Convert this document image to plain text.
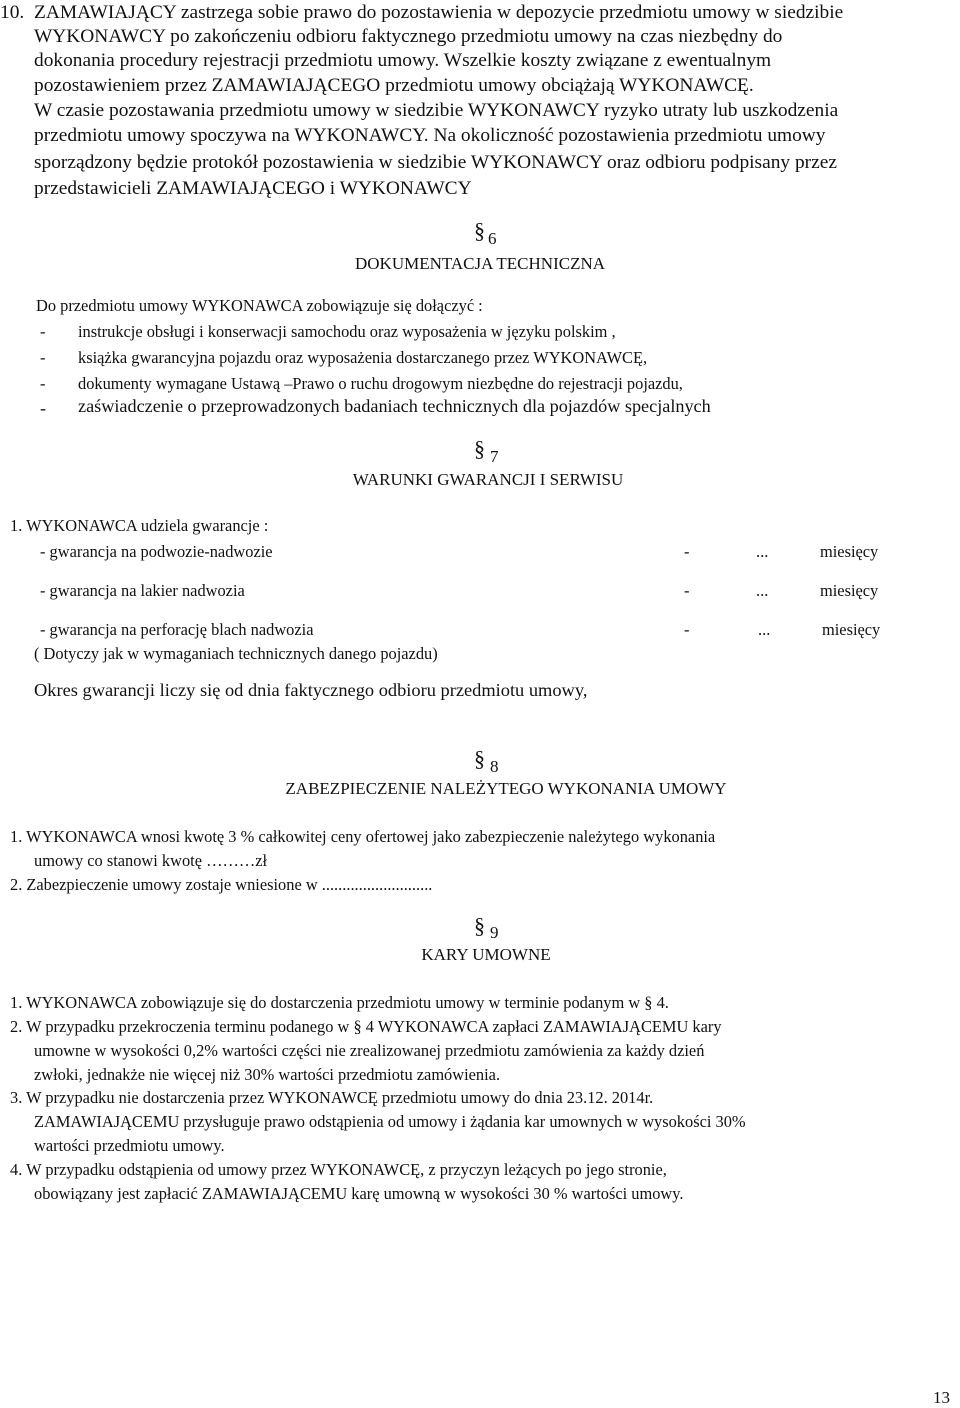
10. ZAMAWIAJĄCY zastrzega sobie prawo do pozostawienia w depozycie przedmiotu umowy w siedzibie
WYKONAWCY po zakończeniu odbioru faktycznego przedmiotu umowy na czas niezbędny do
dokonania procedury rejestracji przedmiotu umowy. Wszelkie koszty związane z ewentualnym
pozostawieniem przez ZAMAWIAJĄCEGO przedmiotu umowy obciążają WYKONAWCĘ.
W czasie pozostawania przedmiotu umowy w siedzibie WYKONAWCY ryzyko utraty lub uszkodzenia
przedmiotu umowy spoczywa na WYKONAWCY. Na okoliczność pozostawienia przedmiotu umowy
sporządzony będzie protokół pozostawienia w siedzibie WYKONAWCY oraz odbioru podpisany przez
przedstawicieli ZAMAWIAJĄCEGO i WYKONAWCY
§ 6
DOKUMENTACJA TECHNICZNA
Do przedmiotu umowy WYKONAWCA zobowiązuje się dołączyć :
- instrukcje obsługi i konserwacji samochodu oraz wyposażenia w języku polskim ,
- książka gwarancyjna pojazdu oraz wyposażenia dostarczanego przez WYKONAWCĘ,
- dokumenty wymagane Ustawą –Prawo o ruchu drogowym niezbędne do rejestracji pojazdu,
- zaświadczenie o przeprowadzonych badaniach technicznych dla pojazdów specjalnych
§ 7
WARUNKI GWARANCJI I SERWISU
1. WYKONAWCA udziela gwarancje :
- gwarancja na podwozie-nadwozie	-	...	miesięcy
- gwarancja na lakier nadwozia	-	...	miesięcy
- gwarancja na perforację blach nadwozia	-	...	miesięcy
( Dotyczy jak w wymaganiach technicznych danego pojazdu)
Okres gwarancji liczy się od dnia faktycznego odbioru przedmiotu umowy,
§ 8
ZABEZPIECZENIE NALEŻYTEGO WYKONANIA UMOWY
1. WYKONAWCA wnosi kwotę 3 % całkowitej ceny ofertowej jako zabezpieczenie należytego wykonania
umowy co stanowi kwotę ………zł
2. Zabezpieczenie umowy zostaje wniesione w ...........................
§ 9
KARY UMOWNE
1. WYKONAWCA zobowiązuje się do dostarczenia przedmiotu umowy w terminie podanym w § 4.
2. W przypadku przekroczenia terminu podanego w § 4 WYKONAWCA zapłaci ZAMAWIAJĄCEMU kary
umowne w wysokości 0,2% wartości części nie zrealizowanej przedmiotu zamówienia za każdy dzień
zwłoki, jednakże nie więcej niż 30% wartości przedmiotu zamówienia.
3. W przypadku nie dostarczenia przez WYKONAWCĘ przedmiotu umowy do dnia 23.12. 2014r.
ZAMAWIAJĄCEMU przysługuje prawo odstąpienia od umowy i żądania kar umownych w wysokości 30%
wartości przedmiotu umowy.
4. W przypadku odstąpienia od umowy przez WYKONAWCĘ, z przyczyn leżących po jego stronie,
obowiązany jest zapłacić ZAMAWIAJĄCEMU karę umowną w wysokości 30 % wartości umowy.
13
